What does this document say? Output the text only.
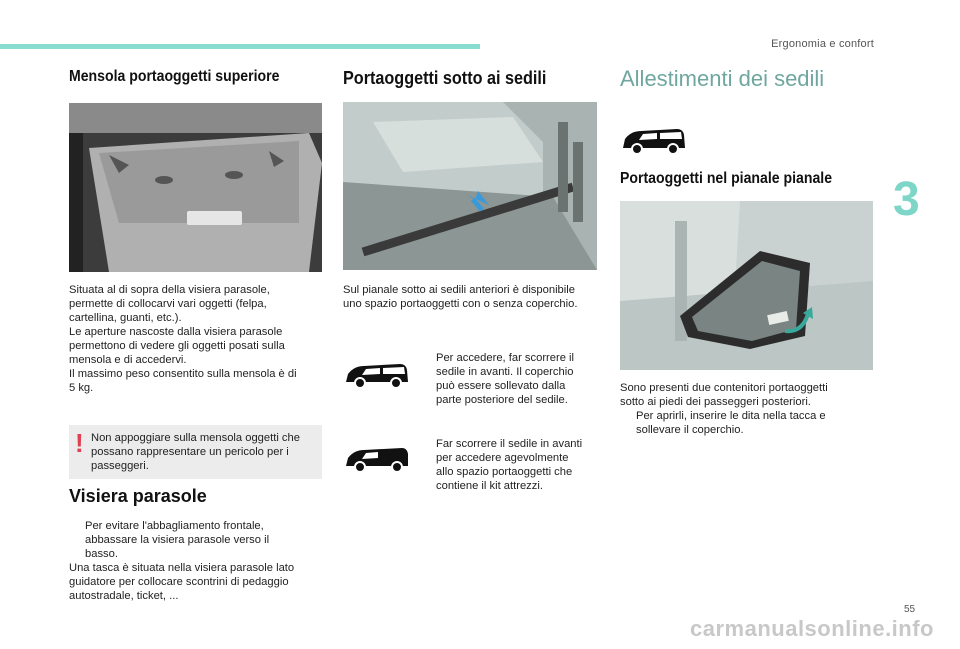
Ergonomia e confort
3
Mensola portaoggetti superiore
Situata al di sopra della visiera parasole,
permette di collocarvi vari oggetti (felpa,
cartellina, guanti, etc.).
Le aperture nascoste dalla visiera parasole
permettono di vedere gli oggetti posati sulla
mensola e di accedervi.
Il massimo peso consentito sulla mensola è di
5 kg.
! Non appoggiare sulla mensola oggetti che
possano rappresentare un pericolo per i
passeggeri.
Visiera parasole
Per evitare l'abbagliamento frontale,
abbassare la visiera parasole verso il
basso.
Una tasca è situata nella visiera parasole lato
guidatore per collocare scontrini di pedaggio
autostradale, ticket, ...
Portaoggetti sotto ai sedili
Sul pianale sotto ai sedili anteriori è disponibile
uno spazio portaoggetti con o senza coperchio.
Per accedere, far scorrere il
sedile in avanti. Il coperchio
può essere sollevato dalla
parte posteriore del sedile.
Far scorrere il sedile in avanti
per accedere agevolmente
allo spazio portaoggetti che
contiene il kit attrezzi.
Allestimenti dei sedili
Portaoggetti nel pianale pianale
Sono presenti due contenitori portaoggetti
sotto ai piedi dei passeggeri posteriori.
Per aprirli, inserire le dita nella tacca e
sollevare il coperchio.
55
carmanualsonline.info
